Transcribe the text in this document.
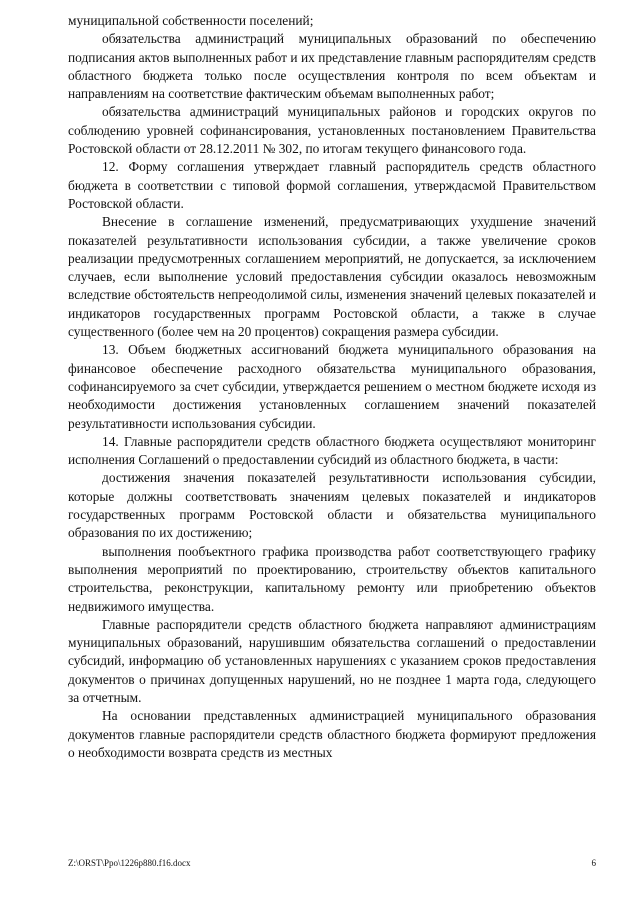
муниципальной собственности поселений;

обязательства администраций муниципальных образований по обеспечению подписания актов выполненных работ и их представление главным распорядителям средств областного бюджета только после осуществления контроля по всем объектам и направлениям на соответствие фактическим объемам выполненных работ;

обязательства администраций муниципальных районов и городских округов по соблюдению уровней софинансирования, установленных постановлением Правительства Ростовской области от 28.12.2011 № 302, по итогам текущего финансового года.

12. Форму соглашения утверждает главный распорядитель средств областного бюджета в соответствии с типовой формой соглашения, утверждасмой Правительством Ростовской области.

Внесение в соглашение изменений, предусматривающих ухудшение значений показателей результативности использования субсидии, а также увеличение сроков реализации предусмотренных соглашением мероприятий, не допускается, за исключением случаев, если выполнение условий предоставления субсидии оказалось невозможным вследствие обстоятельств непреодолимой силы, изменения значений целевых показателей и индикаторов государственных программ Ростовской области, а также в случае существенного (более чем на 20 процентов) сокращения размера субсидии.

13. Объем бюджетных ассигнований бюджета муниципального образования на финансовое обеспечение расходного обязательства муниципального образования, софинансируемого за счет субсидии, утверждается решением о местном бюджете исходя из необходимости достижения установленных соглашением значений показателей результативности использования субсидии.

14. Главные распорядители средств областного бюджета осуществляют мониторинг исполнения Соглашений о предоставлении субсидий из областного бюджета, в части:

достижения значения показателей результативности использования субсидии, которые должны соответствовать значениям целевых показателей и индикаторов государственных программ Ростовской области и обязательства муниципального образования по их достижению;

выполнения пообъектного графика производства работ соответствующего графику выполнения мероприятий по проектированию, строительству объектов капитального строительства, реконструкции, капитальному ремонту или приобретению объектов недвижимого имущества.

Главные распорядители средств областного бюджета направляют администрациям муниципальных образований, нарушившим обязательства соглашений о предоставлении субсидий, информацию об установленных нарушениях с указанием сроков предоставления документов о причинах допущенных нарушений, но не позднее 1 марта года, следующего за отчетным.

На основании представленных администрацией муниципального образования документов главные распорядители средств областного бюджета формируют предложения о необходимости возврата средств из местных

Z:\ORST\Ppo\1226p880.f16.docx	6
